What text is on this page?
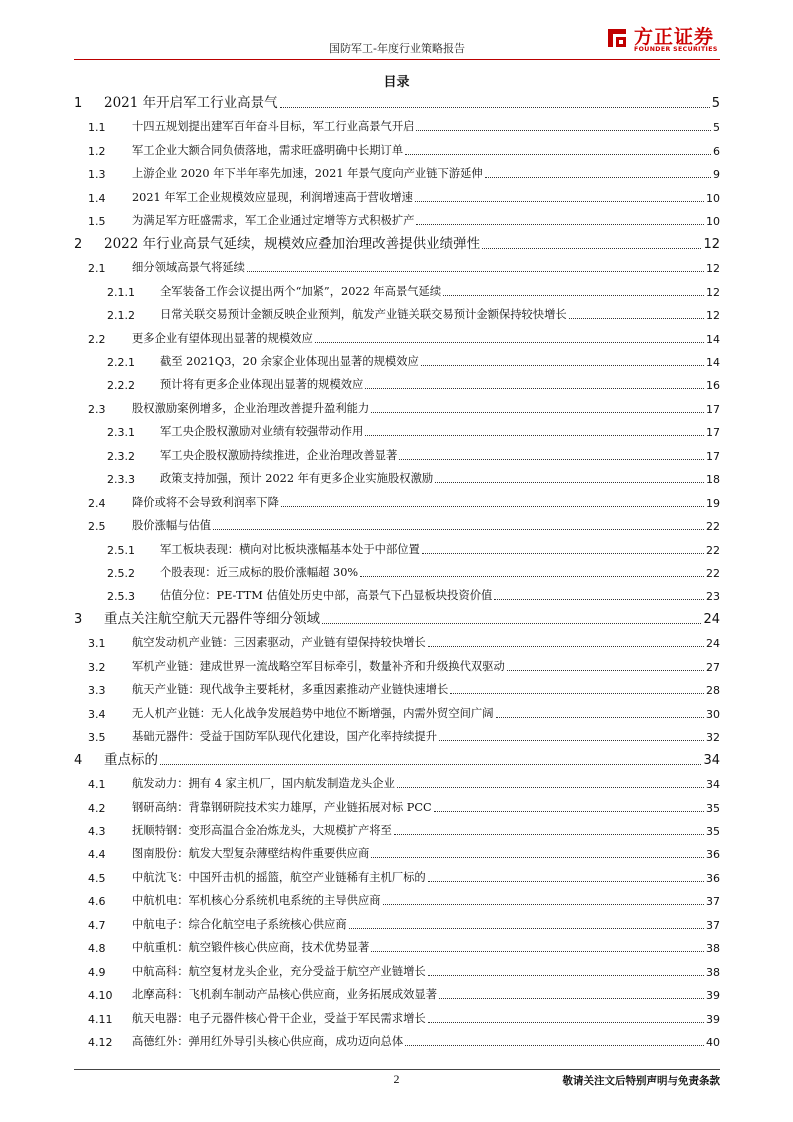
国防军工-年度行业策略报告
方正证券
FOUNDER SECURITIES
目录
1	2021 年开启军工行业高景气	5
1.1	十四五规划提出建军百年奋斗目标，军工行业高景气开启	5
1.2	军工企业大额合同负债落地，需求旺盛明确中长期订单	6
1.3	上游企业 2020 年下半年率先加速，2021 年景气度向产业链下游延伸	9
1.4	2021 年军工企业规模效应显现，利润增速高于营收增速	10
1.5	为满足军方旺盛需求，军工企业通过定增等方式积极扩产	10
2	2022 年行业高景气延续，规模效应叠加治理改善提供业绩弹性	12
2.1	细分领域高景气将延续	12
2.1.1	全军装备工作会议提出两个“加紧”，2022 年高景气延续	12
2.1.2	日常关联交易预计金额反映企业预判，航发产业链关联交易预计金额保持较快增长	12
2.2	更多企业有望体现出显著的规模效应	14
2.2.1	截至 2021Q3，20 余家企业体现出显著的规模效应	14
2.2.2	预计将有更多企业体现出显著的规模效应	16
2.3	股权激励案例增多，企业治理改善提升盈利能力	17
2.3.1	军工央企股权激励对业绩有较强带动作用	17
2.3.2	军工央企股权激励持续推进，企业治理改善显著	17
2.3.3	政策支持加强，预计 2022 年有更多企业实施股权激励	18
2.4	降价或将不会导致利润率下降	19
2.5	股价涨幅与估值	22
2.5.1	军工板块表现：横向对比板块涨幅基本处于中部位置	22
2.5.2	个股表现：近三成标的股价涨幅超 30%	22
2.5.3	估值分位：PE-TTM 估值处历史中部，高景气下凸显板块投资价值	23
3	重点关注航空航天元器件等细分领域	24
3.1	航空发动机产业链：三因素驱动，产业链有望保持较快增长	24
3.2	军机产业链：建成世界一流战略空军目标牵引，数量补齐和升级换代双驱动	27
3.3	航天产业链：现代战争主要耗材，多重因素推动产业链快速增长	28
3.4	无人机产业链：无人化战争发展趋势中地位不断增强，内需外贸空间广阔	30
3.5	基础元器件：受益于国防军队现代化建设，国产化率持续提升	32
4	重点标的	34
4.1	航发动力：拥有 4 家主机厂，国内航发制造龙头企业	34
4.2	钢研高纳：背靠钢研院技术实力雄厚，产业链拓展对标 PCC	35
4.3	抚顺特钢：变形高温合金冶炼龙头，大规模扩产将至	35
4.4	图南股份：航发大型复杂薄壁结构件重要供应商	36
4.5	中航沈飞：中国歼击机的摇篮，航空产业链稀有主机厂标的	36
4.6	中航机电：军机核心分系统机电系统的主导供应商	37
4.7	中航电子：综合化航空电子系统核心供应商	37
4.8	中航重机：航空锻件核心供应商，技术优势显著	38
4.9	中航高科：航空复材龙头企业，充分受益于航空产业链增长	38
4.10	北摩高科：飞机刹车制动产品核心供应商，业务拓展成效显著	39
4.11	航天电器：电子元器件核心骨干企业，受益于军民需求增长	39
4.12	高德红外：弹用红外导引头核心供应商，成功迈向总体	40
2	敬请关注文后特别声明与免责条款
